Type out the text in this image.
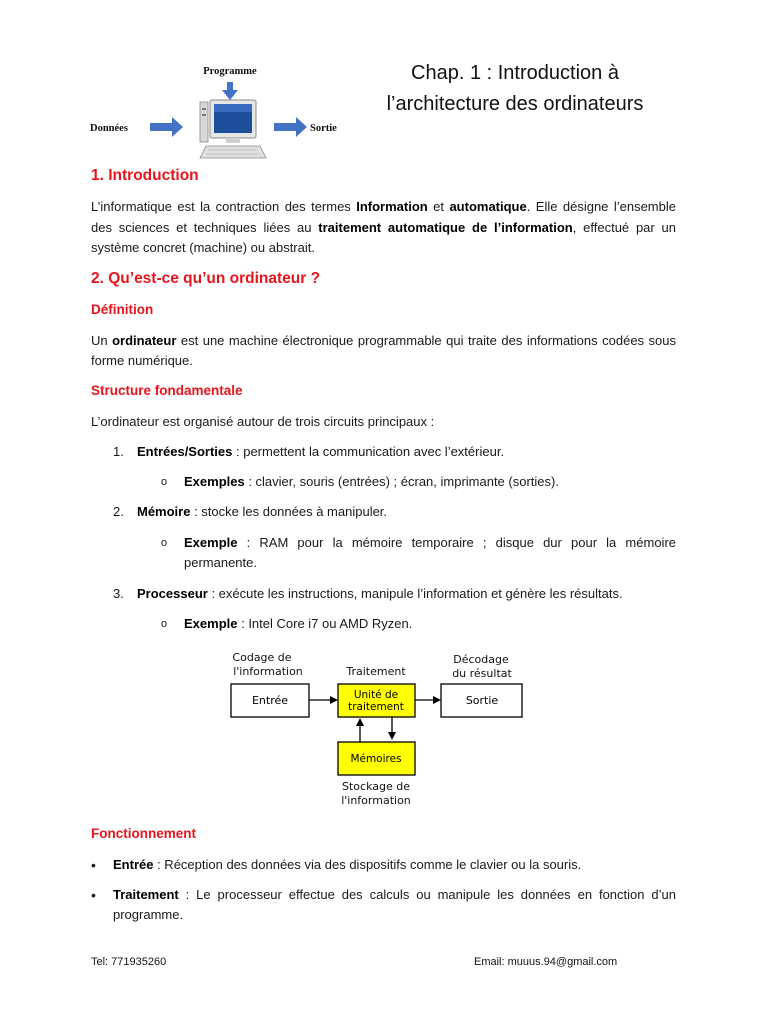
Programme
Données	Sortie
Chap. 1 : Introduction à
l’architecture des ordinateurs
1. Introduction

L’informatique est la contraction des termes Information et automatique. Elle désigne l’ensemble des sciences et techniques liées au traitement automatique de l’information, effectué par un système concret (machine) ou abstrait.

2. Qu’est-ce qu’un ordinateur ?
Définition

Un ordinateur est une machine électronique programmable qui traite des informations codées sous forme numérique.

Structure fondamentale

L’ordinateur est organisé autour de trois circuits principaux :

1. Entrées/Sorties : permettent la communication avec l’extérieur.
o Exemples : clavier, souris (entrées) ; écran, imprimante (sorties).
2. Mémoire : stocke les données à manipuler.
o Exemple : RAM pour la mémoire temporaire ; disque dur pour la mémoire permanente.
3. Processeur : exécute les instructions, manipule l’information et génère les résultats.
o Exemple : Intel Core i7 ou AMD Ryzen.
Codage de
l'information	Traitement
Décodage
du résultat
Entrée	Unité de
traitement	Sortie
Mémoires
Stockage de
l'information
Fonctionnement
• Entrée : Réception des données via des dispositifs comme le clavier ou la souris.
• Traitement : Le processeur effectue des calculs ou manipule les données en fonction d’un programme.
Tel: 771935260	Email: muuus.94@gmail.com
